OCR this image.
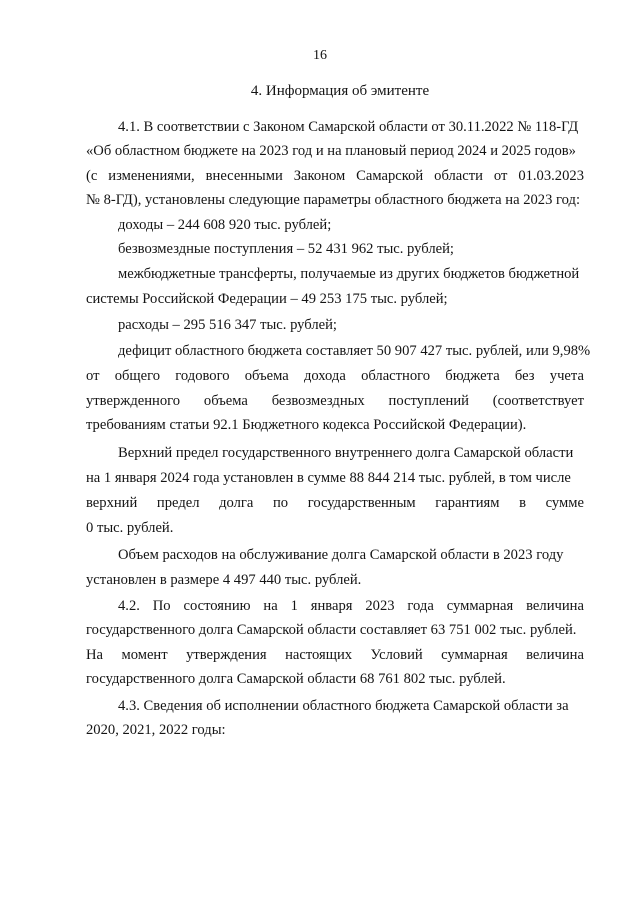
16
4. Информация об эмитенте
4.1. В соответствии с Законом Самарской области от 30.11.2022 № 118-ГД
«Об областном бюджете на 2023 год и на плановый период 2024 и 2025 годов»
(с изменениями, внесенными Законом Самарской области от 01.03.2023
№ 8-ГД), установлены следующие параметры областного бюджета на 2023 год:
доходы – 244 608 920 тыс. рублей;
безвозмездные поступления – 52 431 962 тыс. рублей;
межбюджетные трансферты, получаемые из других бюджетов бюджетной
системы Российской Федерации – 49 253 175 тыс. рублей;
расходы – 295 516 347 тыс. рублей;
дефицит областного бюджета составляет 50 907 427 тыс. рублей, или 9,98%
от общего годового объема дохода областного бюджета без учета
утвержденного объема безвозмездных поступлений (соответствует
требованиям статьи 92.1 Бюджетного кодекса Российской Федерации).
Верхний предел государственного внутреннего долга Самарской области
на 1 января 2024 года установлен в сумме 88 844 214 тыс. рублей, в том числе
верхний предел долга по государственным гарантиям в сумме
0 тыс. рублей.
Объем расходов на обслуживание долга Самарской области в 2023 году
установлен в размере 4 497 440 тыс. рублей.
4.2. По состоянию на 1 января 2023 года суммарная величина
государственного долга Самарской области составляет 63 751 002 тыс. рублей.
На момент утверждения настоящих Условий суммарная величина
государственного долга Самарской области 68 761 802 тыс. рублей.
4.3. Сведения об исполнении областного бюджета Самарской области за
2020, 2021, 2022 годы:
